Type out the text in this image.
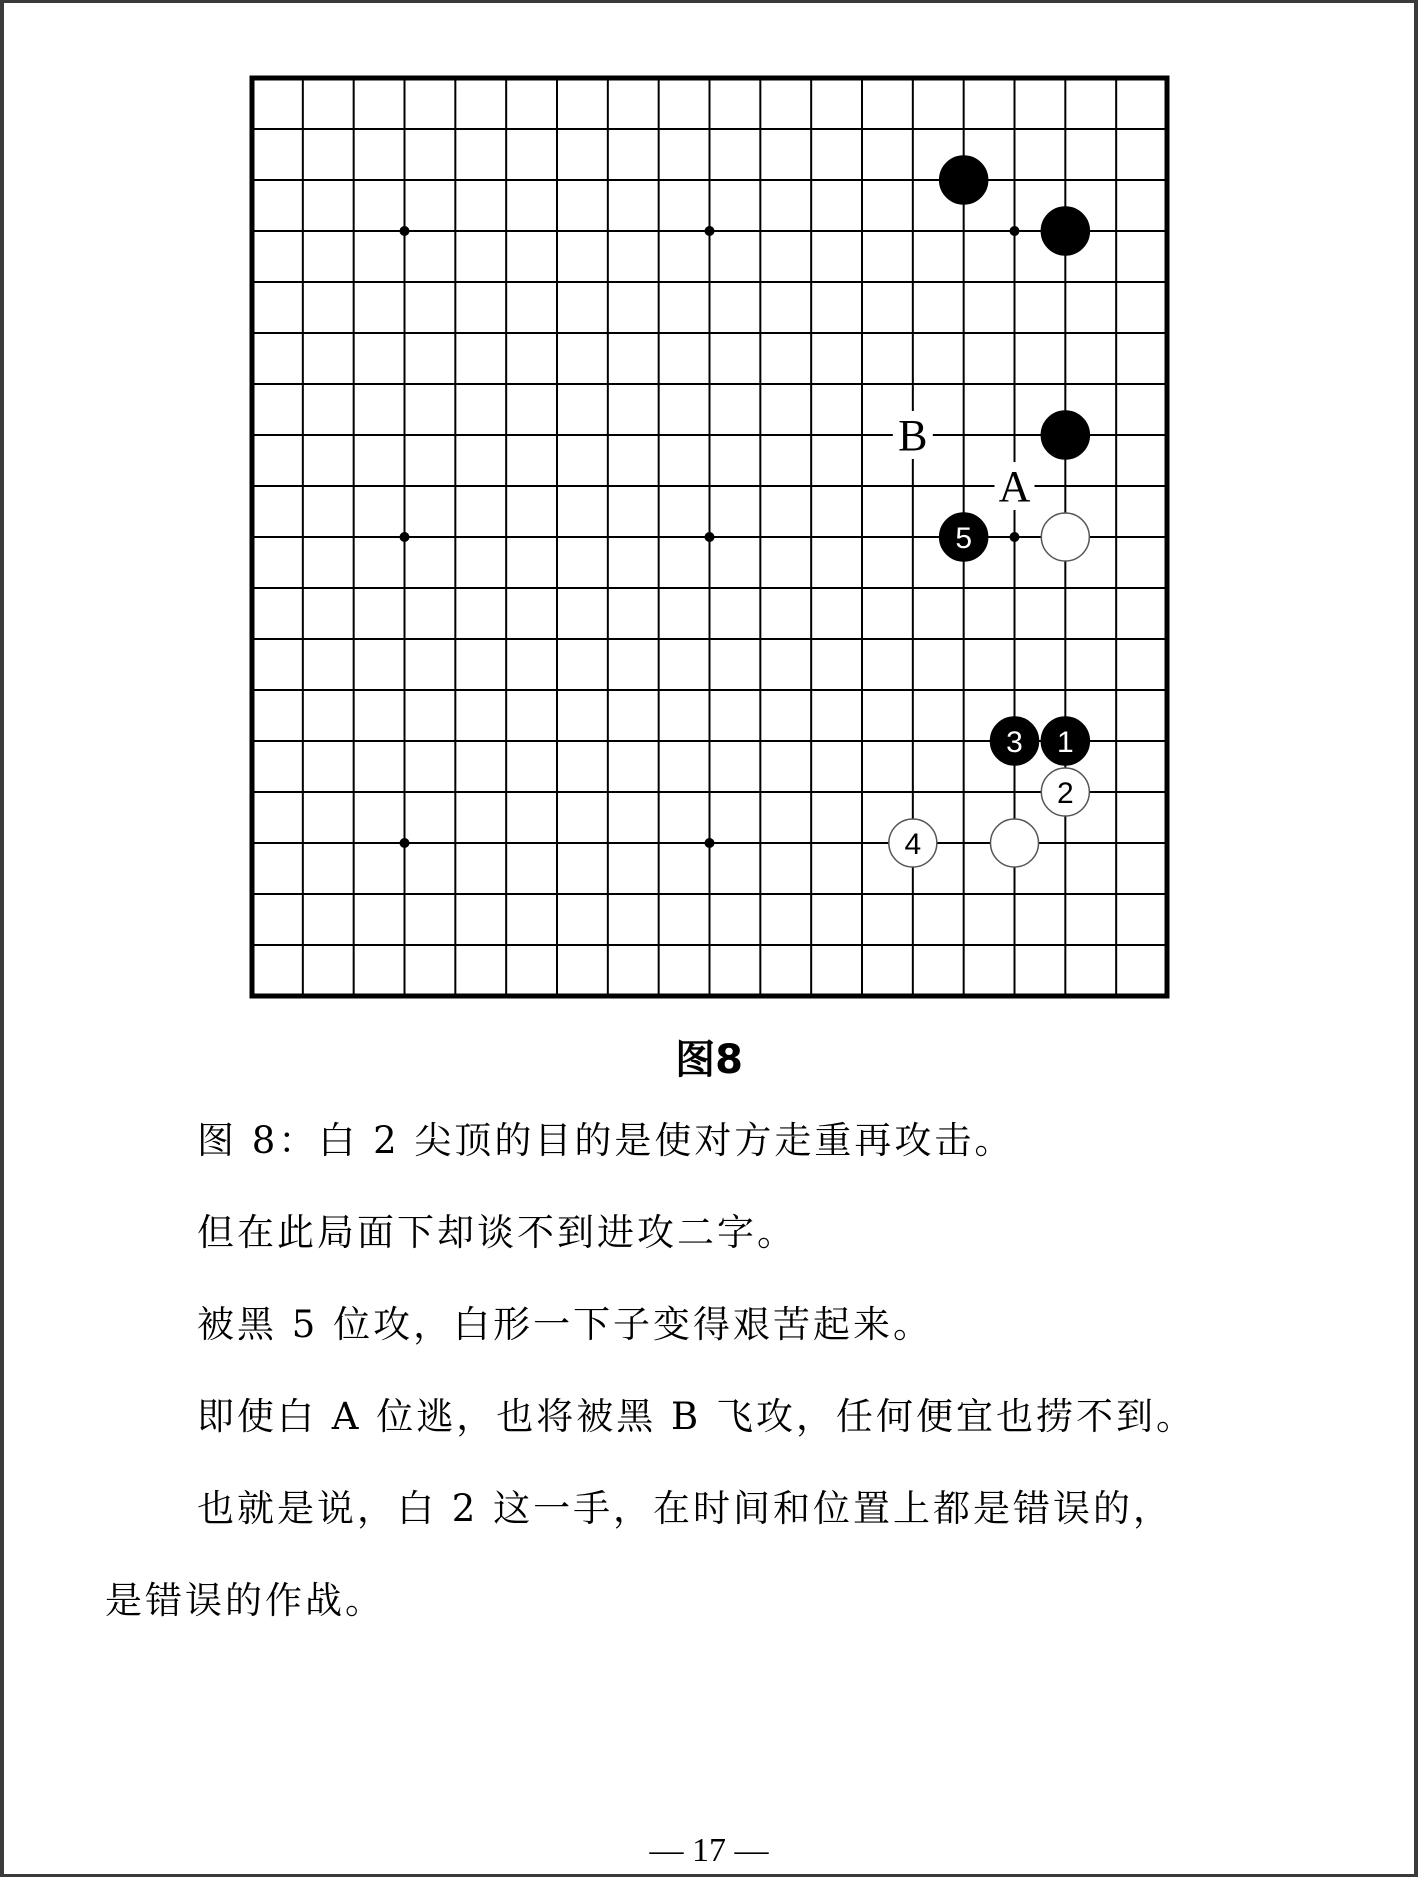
B
A
5
3 1
2
4
图8
图 8：白 2 尖顶的目的是使对方走重再攻击。
但在此局面下却谈不到进攻二字。
被黑 5 位攻，白形一下子变得艰苦起来。
即使白 A 位逃，也将被黑 B 飞攻，任何便宜也捞不到。
也就是说，白 2 这一手，在时间和位置上都是错误的，
是错误的作战。
— 17 —
